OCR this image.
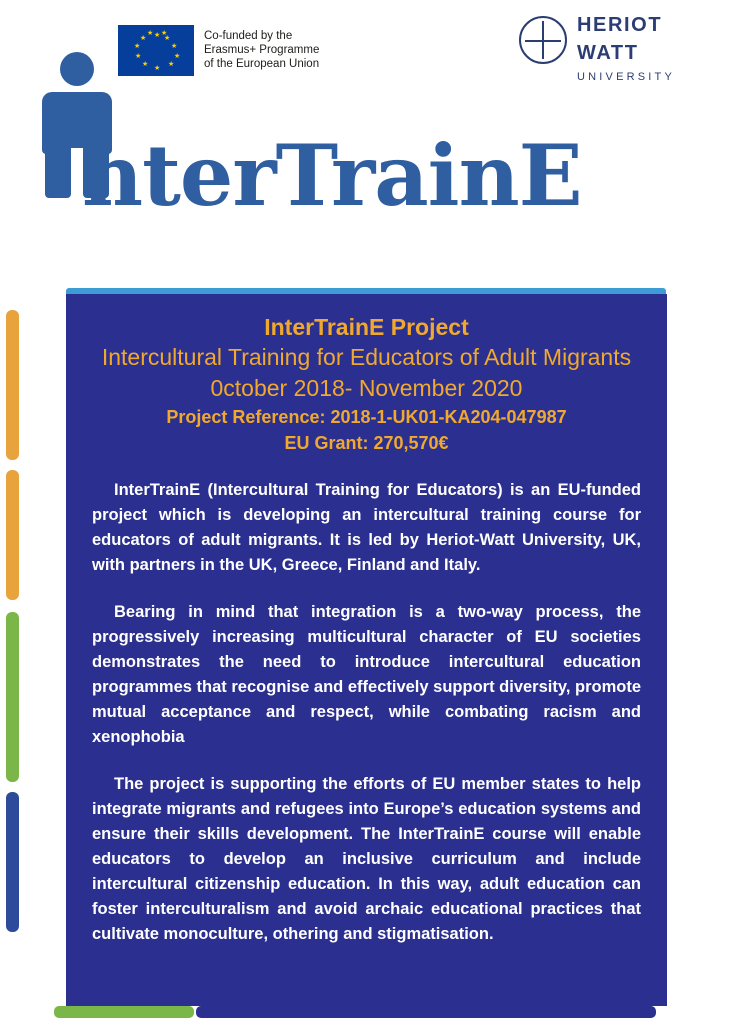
★ ★
★
★
★
★
★
★
★
★
★ ★	Co-funded by the
Erasmus+ Programme
of the European Union
HERIOT
WATT
UNIVERSITY
nterTrainE
InterTrainE Project
Intercultural Training for Educators of Adult Migrants
0ctober 2018- November 2020
Project Reference: 2018-1-UK01-KA204-047987
EU Grant: 270,570€

InterTrainE (Intercultural Training for Educators) is an EU-funded project which is developing an intercultural training course for educators of adult migrants. It is led by Heriot-Watt University, UK, with partners in the UK, Greece, Finland and Italy.

Bearing in mind that integration is a two-way process, the progressively increasing multicultural character of EU societies demonstrates the need to introduce intercultural education programmes that recognise and effectively support diversity, promote mutual acceptance and respect, while combating racism and xenophobia

The project is supporting the efforts of EU member states to help integrate migrants and refugees into Europe’s education systems and ensure their skills development. The InterTrainE course will enable educators to develop an inclusive curriculum and include intercultural citizenship education. In this way, adult education can foster interculturalism and avoid archaic educational practices that cultivate monoculture, othering and stigmatisation.
